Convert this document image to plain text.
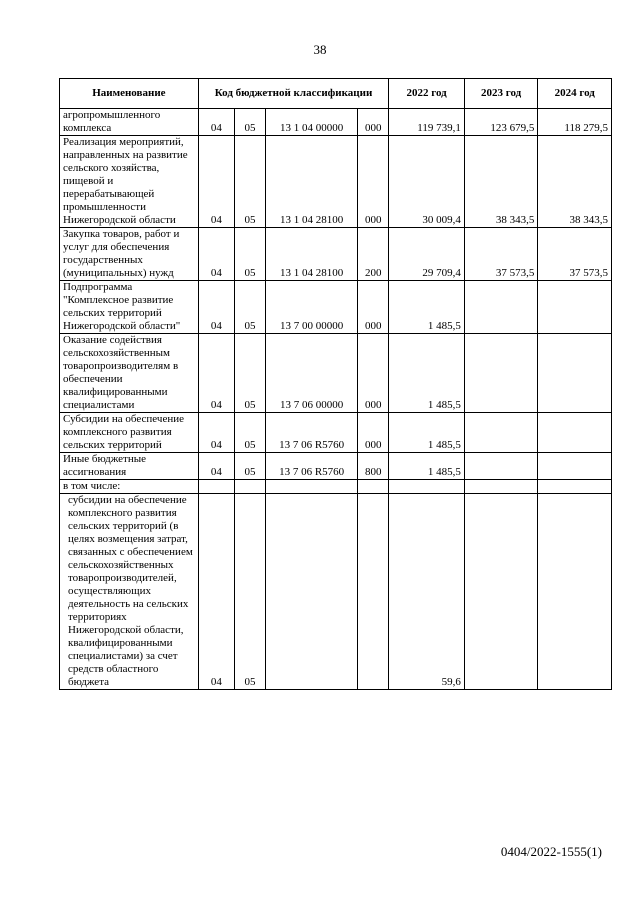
38
Наименование	Код бюджетной классификации				2022 год	2023 год	2024 год
агропромышленного комплекса	04	05	13 1 04 00000	000	119 739,1	123 679,5	118 279,5
Реализация мероприятий, направленных на развитие сельского хозяйства, пищевой и перерабатывающей промышленности Нижегородской области	04	05	13 1 04 28100	000	30 009,4	38 343,5	38 343,5
Закупка товаров, работ и услуг для обеспечения государственных (муниципальных) нужд	04	05	13 1 04 28100	200	29 709,4	37 573,5	37 573,5
Подпрограмма "Комплексное развитие сельских территорий Нижегородской области"	04	05	13 7 00 00000	000	1 485,5		
Оказание содействия сельскохозяйственным товаропроизводителям в обеспечении квалифицированными специалистами	04	05	13 7 06 00000	000	1 485,5		
Субсидии на обеспечение комплексного развития сельских территорий	04	05	13 7 06 R5760	000	1 485,5		
Иные бюджетные ассигнования	04	05	13 7 06 R5760	800	1 485,5		
в том числе:							
субсидии на обеспечение комплексного развития сельских территорий (в целях возмещения затрат, связанных с обеспечением сельскохозяйственных товаропроизводителей, осуществляющих деятельность на сельских территориях Нижегородской области, квалифицированными специалистами) за счет средств областного бюджета	04	05			59,6		
0404/2022-1555(1)
